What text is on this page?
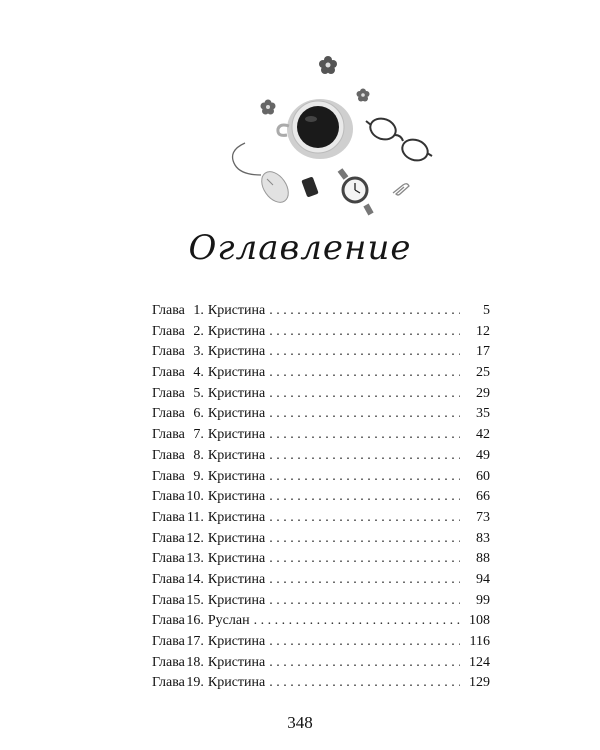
Оглавление
Глава 1. Кристина . . .	5
Глава 2. Кристина . . .	12
Глава 3. Кристина . . .	17
Глава 4. Кристина . . .	25
Глава 5. Кристина . . .	29
Глава 6. Кристина . . .	35
Глава 7. Кристина . . .	42
Глава 8. Кристина . . .	49
Глава 9. Кристина . . .	60
Глава 10. Кристина . . .	66
Глава 11. Кристина . . .	73
Глава 12. Кристина . . .	83
Глава 13. Кристина . . .	88
Глава 14. Кристина . . .	94
Глава 15. Кристина . . .	99
Глава 16. Руслан . . .	108
Глава 17. Кристина . . .	116
Глава 18. Кристина . . .	124
Глава 19. Кристина . . .	129
348
